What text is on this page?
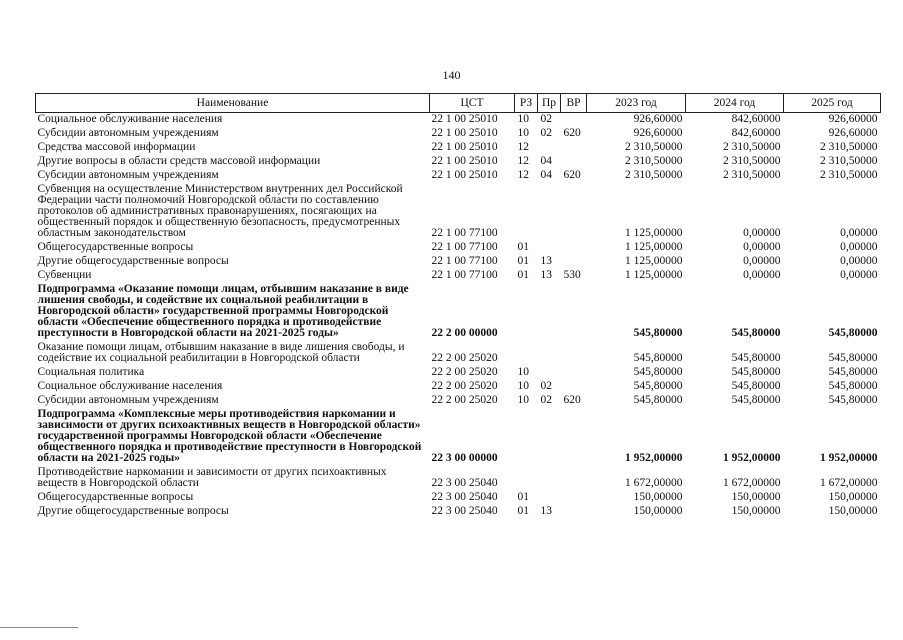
140
Наименование	ЦСТ	РЗ	Пр	ВР	2023 год	2024 год	2025 год
Социальное обслуживание населения	22 1 00 25010	10	02		926,60000	842,60000	926,60000
Субсидии автономным учреждениям	22 1 00 25010	10	02	620	926,60000	842,60000	926,60000
Средства массовой информации	22 1 00 25010	12			2 310,50000	2 310,50000	2 310,50000
Другие вопросы в области средств массовой информации	22 1 00 25010	12	04		2 310,50000	2 310,50000	2 310,50000
Субсидии автономным учреждениям	22 1 00 25010	12	04	620	2 310,50000	2 310,50000	2 310,50000
Субвенция на осуществление Министерством внутренних дел Российской Федерации части полномочий Новгородской области по составлению протоколов об административных правонарушениях, посягающих на общественный порядок и общественную безопасность, предусмотренных областным законодательством	22 1 00 77100				1 125,00000	0,00000	0,00000
Общегосударственные вопросы	22 1 00 77100	01			1 125,00000	0,00000	0,00000
Другие общегосударственные вопросы	22 1 00 77100	01	13		1 125,00000	0,00000	0,00000
Субвенции	22 1 00 77100	01	13	530	1 125,00000	0,00000	0,00000
Подпрограмма «Оказание помощи лицам, отбывшим наказание в виде лишения свободы, и содействие их социальной реабилитации в Новгородской области» государственной программы Новгородской области «Обеспечение общественного порядка и противодействие преступности в Новгородской области на 2021-2025 годы»	22 2 00 00000				545,80000	545,80000	545,80000
Оказание помощи лицам, отбывшим наказание в виде лишения свободы, и содействие их социальной реабилитации в Новгородской области	22 2 00 25020				545,80000	545,80000	545,80000
Социальная политика	22 2 00 25020	10			545,80000	545,80000	545,80000
Социальное обслуживание населения	22 2 00 25020	10	02		545,80000	545,80000	545,80000
Субсидии автономным учреждениям	22 2 00 25020	10	02	620	545,80000	545,80000	545,80000
Подпрограмма «Комплексные меры противодействия наркомании и зависимости от других психоактивных веществ в Новгородской области» государственной программы Новгородской области «Обеспечение общественного порядка и противодействие преступности в Новгородской области на 2021-2025 годы»	22 3 00 00000				1 952,00000	1 952,00000	1 952,00000
Противодействие наркомании и зависимости от других психоактивных веществ в Новгородской области	22 3 00 25040				1 672,00000	1 672,00000	1 672,00000
Общегосударственные вопросы	22 3 00 25040	01			150,00000	150,00000	150,00000
Другие общегосударственные вопросы	22 3 00 25040	01	13		150,00000	150,00000	150,00000
